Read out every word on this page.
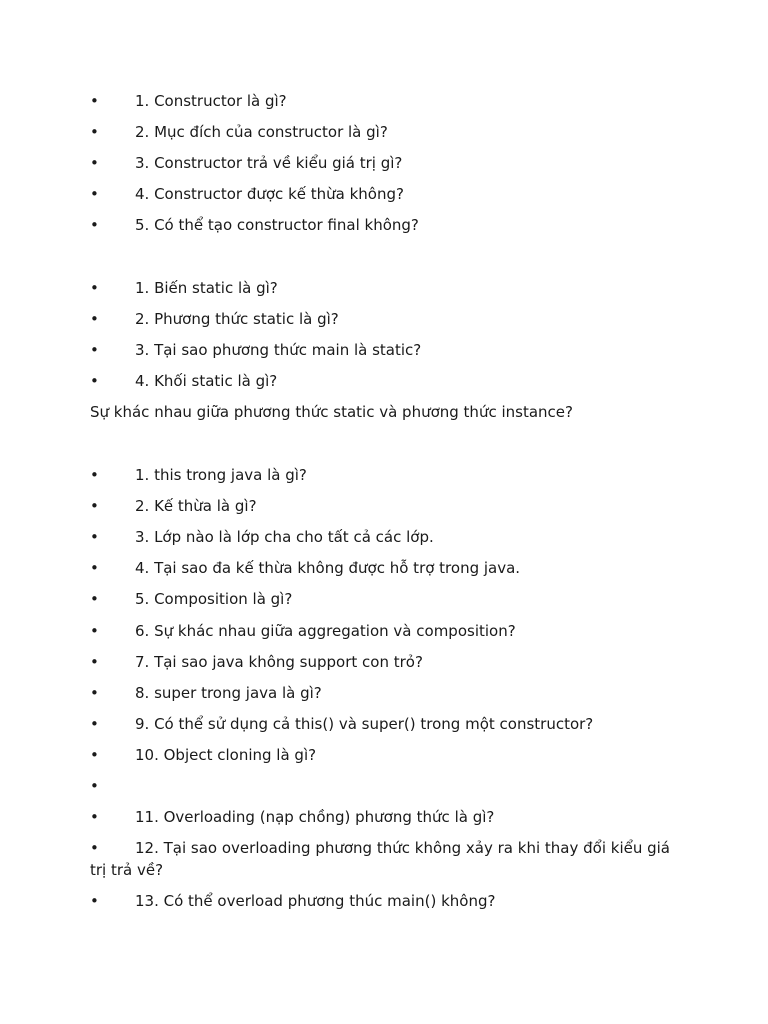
• 1. Constructor là gì?
• 2. Mục đích của constructor là gì?
• 3. Constructor trả về kiểu giá trị gì?
• 4. Constructor được kế thừa không?
• 5. Có thể tạo constructor final không?
• 1. Biến static là gì?
• 2. Phương thức static là gì?
• 3. Tại sao phương thức main là static?
• 4. Khối static là gì?
Sự khác nhau giữa phương thức static và phương thức instance?
• 1. this trong java là gì?
• 2. Kế thừa là gì?
• 3. Lớp nào là lớp cha cho tất cả các lớp.
• 4. Tại sao đa kế thừa không được hỗ trợ trong java.
• 5. Composition là gì?
• 6. Sự khác nhau giữa aggregation và composition?
• 7. Tại sao java không support con trỏ?
• 8. super trong java là gì?
• 9. Có thể sử dụng cả this() và super() trong một constructor?
• 10. Object cloning là gì?
•
• 11. Overloading (nạp chồng) phương thức là gì?
• 12. Tại sao overloading phương thức không xảy ra khi thay đổi kiểu giá trị trả về?
• 13. Có thể overload phương thúc main() không?
